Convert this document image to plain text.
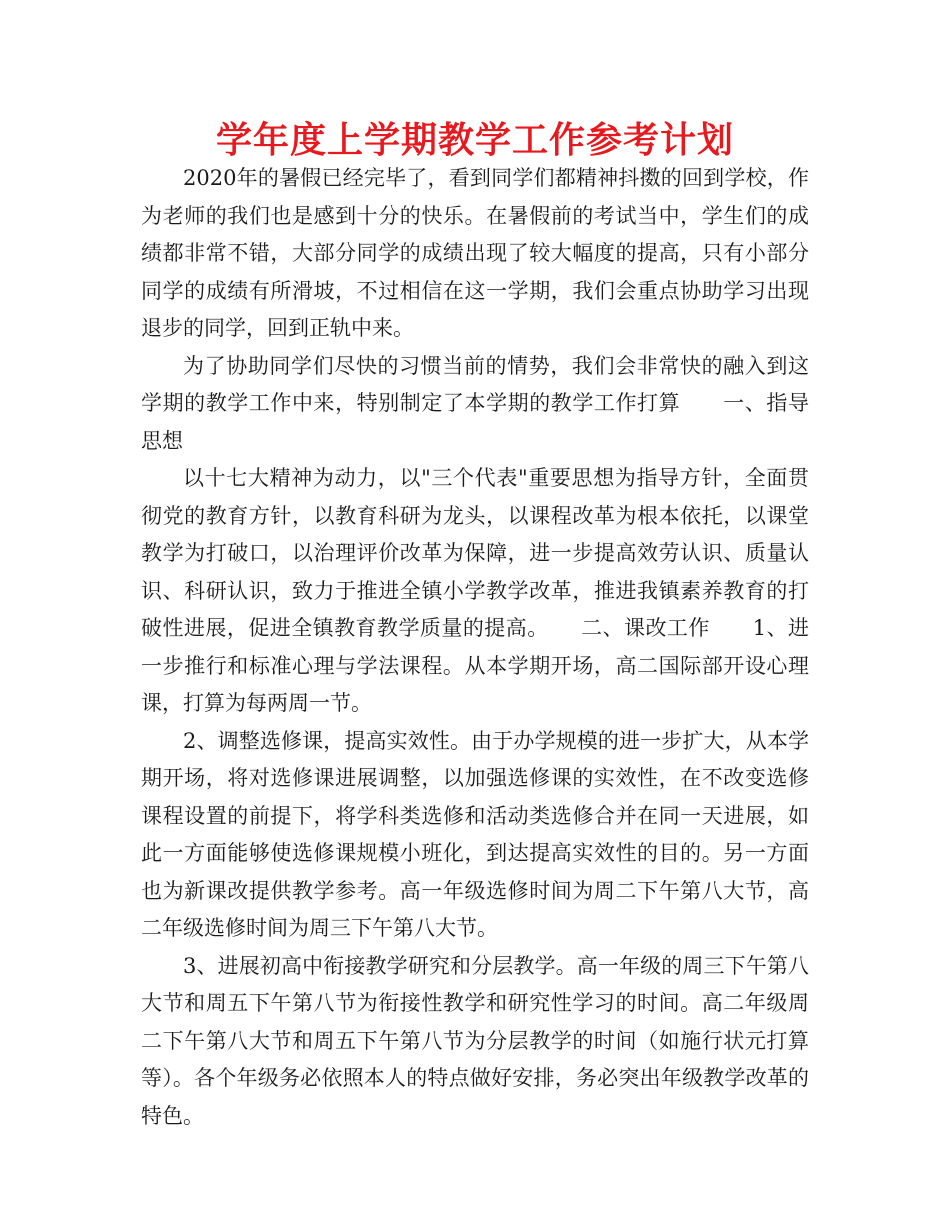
学年度上学期教学工作参考计划

2020年的暑假已经完毕了，看到同学们都精神抖擞的回到学校，作为老师的我们也是感到十分的快乐。在暑假前的考试当中，学生们的成绩都非常不错，大部分同学的成绩出现了较大幅度的提高，只有小部分同学的成绩有所滑坡，不过相信在这一学期，我们会重点协助学习出现退步的同学，回到正轨中来。

为了协助同学们尽快的习惯当前的情势，我们会非常快的融入到这学期的教学工作中来，特别制定了本学期的教学工作打算　　一、指导思想

以十七大精神为动力，以"三个代表"重要思想为指导方针，全面贯彻党的教育方针，以教育科研为龙头，以课程改革为根本依托，以课堂教学为打破口，以治理评价改革为保障，进一步提高效劳认识、质量认识、科研认识，致力于推进全镇小学教学改革，推进我镇素养教育的打破性进展，促进全镇教育教学质量的提高。　　二、课改工作　　1、进一步推行和标准心理与学法课程。从本学期开场，高二国际部开设心理课，打算为每两周一节。

2、调整选修课，提高实效性。由于办学规模的进一步扩大，从本学期开场，将对选修课进展调整，以加强选修课的实效性，在不改变选修课程设置的前提下，将学科类选修和活动类选修合并在同一天进展，如此一方面能够使选修课规模小班化，到达提高实效性的目的。另一方面也为新课改提供教学参考。高一年级选修时间为周二下午第八大节，高二年级选修时间为周三下午第八大节。

3、进展初高中衔接教学研究和分层教学。高一年级的周三下午第八大节和周五下午第八节为衔接性教学和研究性学习的时间。高二年级周二下午第八大节和周五下午第八节为分层教学的时间（如施行状元打算等）。各个年级务必依照本人的特点做好安排，务必突出年级教学改革的特色。
